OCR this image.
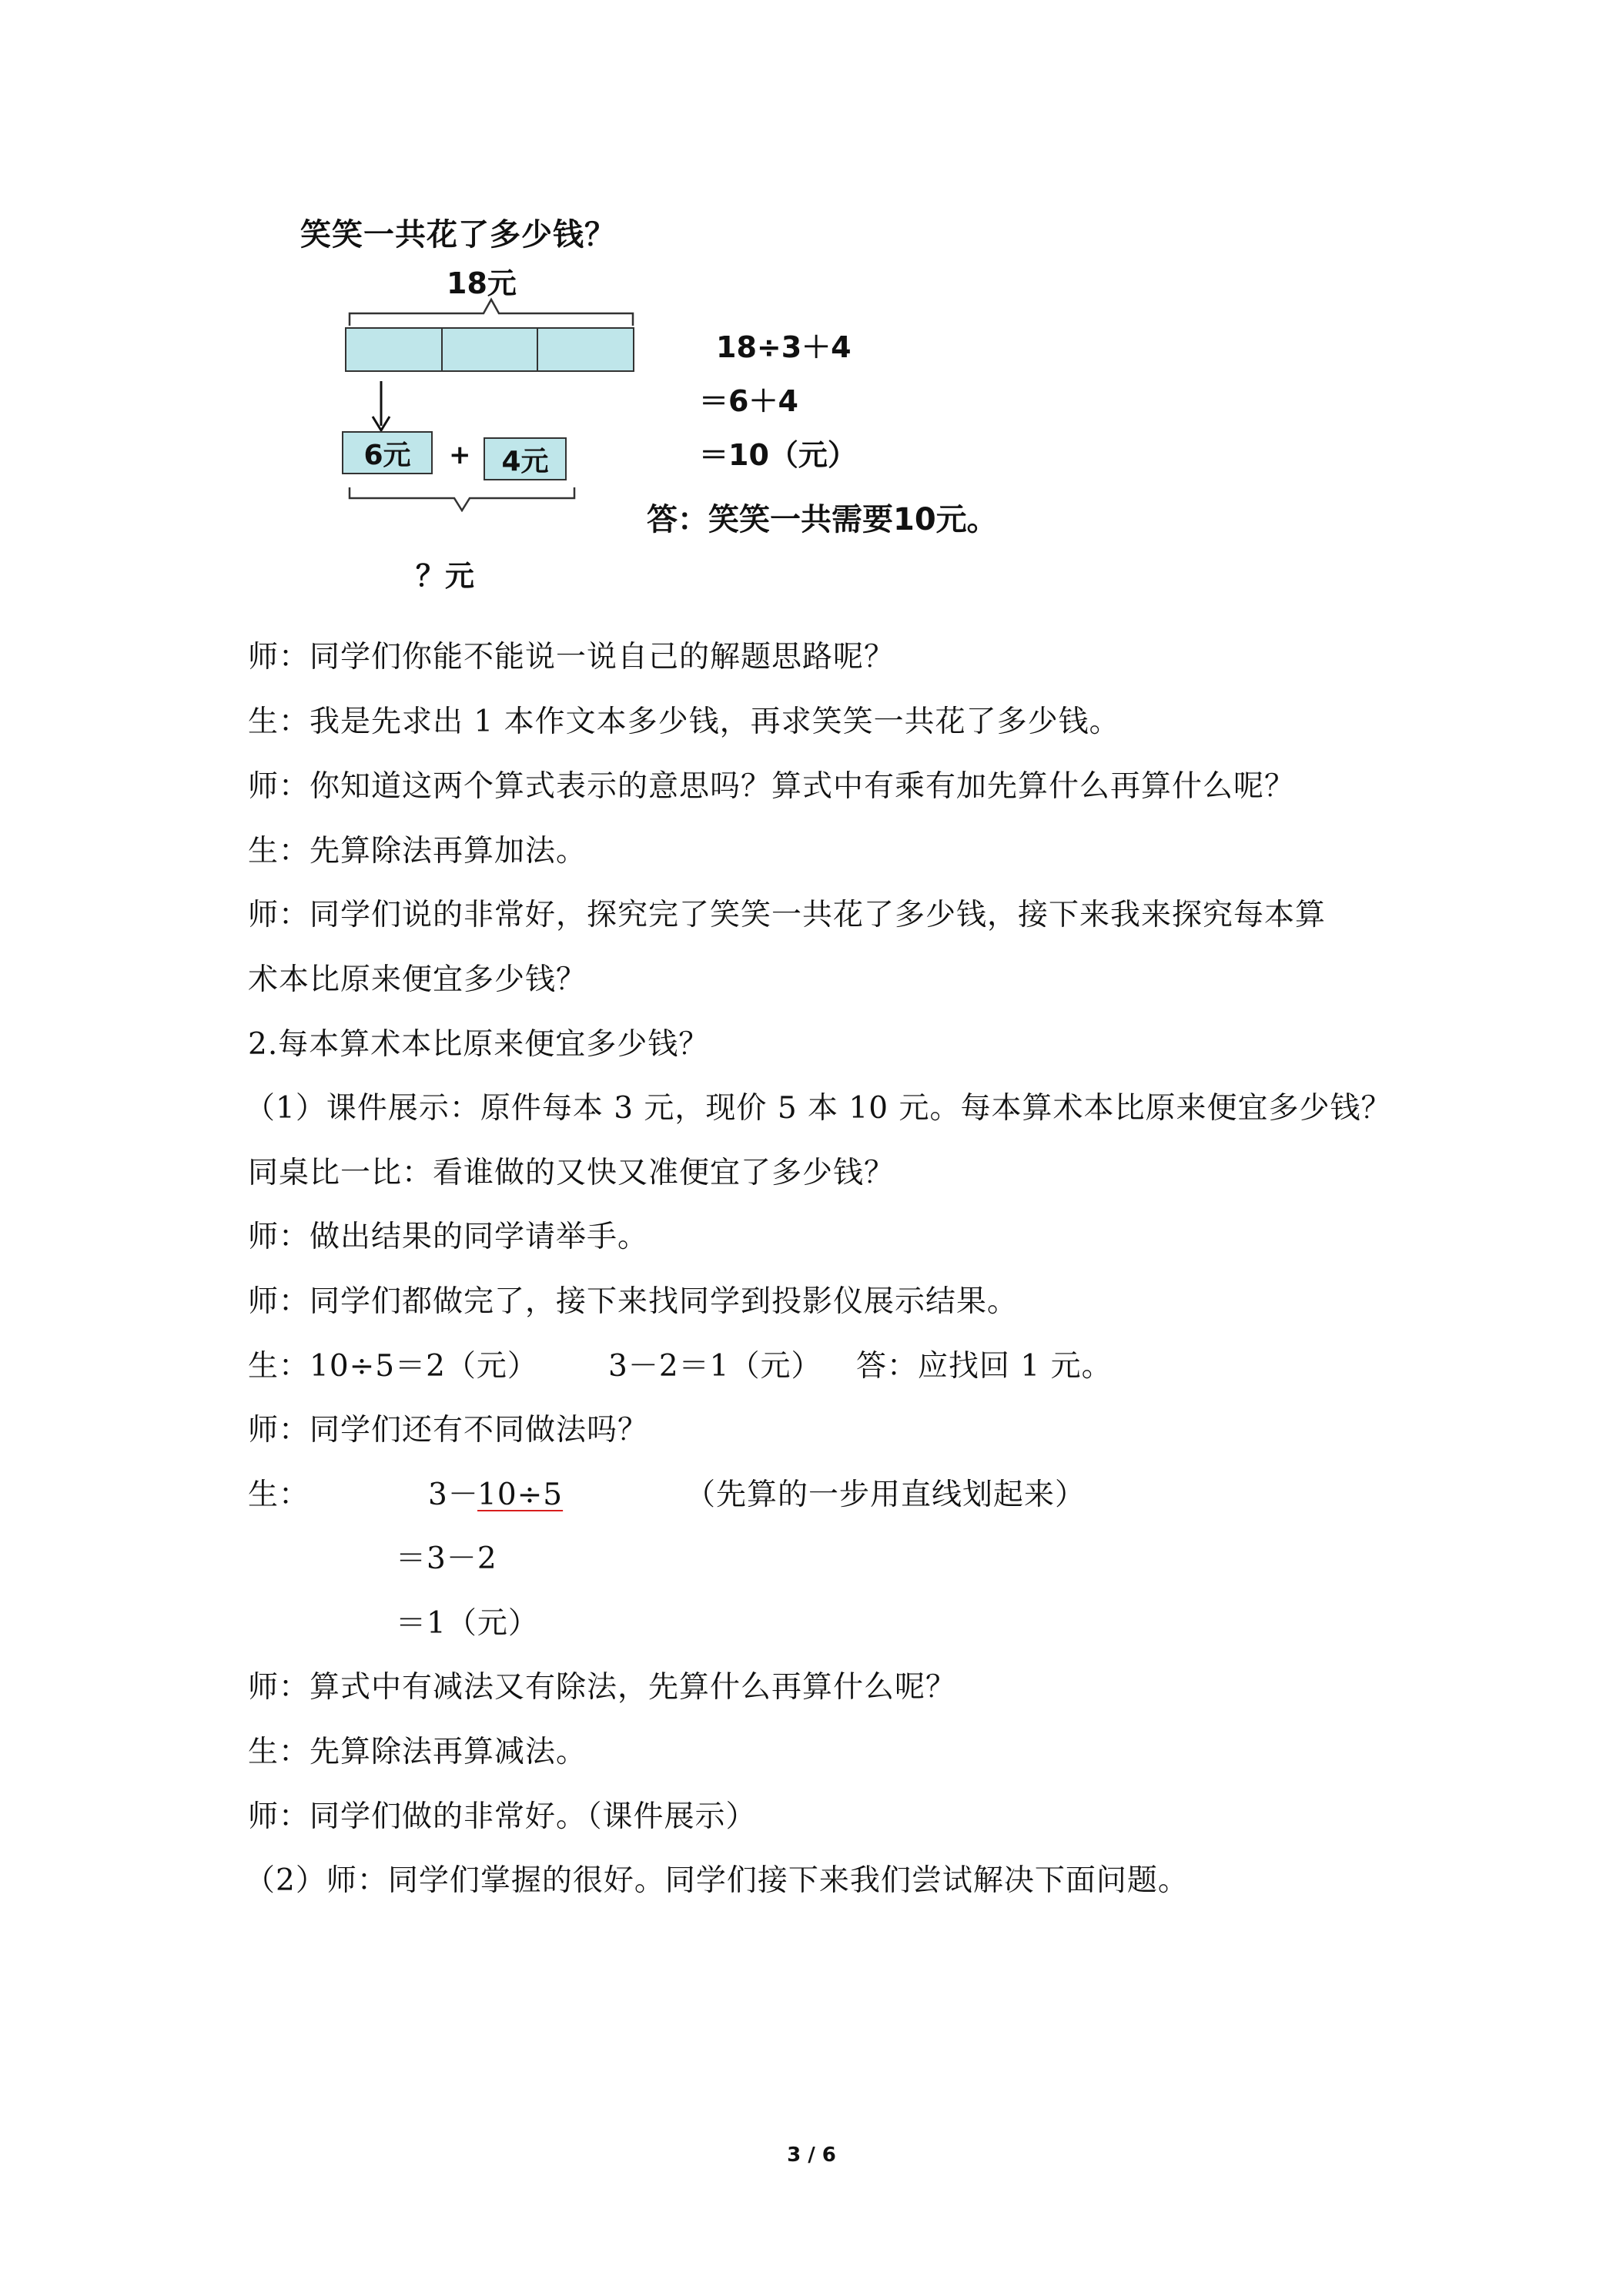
笑笑一共花了多少钱？
18元
6元	+	4元
？元
18÷3＋4
＝6＋4
＝10（元）
答：笑笑一共需要10元。
师：同学们你能不能说一说自己的解题思路呢？
生：我是先求出 1 本作文本多少钱，再求笑笑一共花了多少钱。
师：你知道这两个算式表示的意思吗？算式中有乘有加先算什么再算什么呢？
生：先算除法再算加法。
师：同学们说的非常好，探究完了笑笑一共花了多少钱，接下来我来探究每本算
术本比原来便宜多少钱？
2.每本算术本比原来便宜多少钱？
（1）课件展示：原件每本 3 元，现价 5 本 10 元。每本算术本比原来便宜多少钱？
同桌比一比：看谁做的又快又准便宜了多少钱？
师：做出结果的同学请举手。
师：同学们都做完了，接下来找同学到投影仪展示结果。
生：10÷5＝2（元） 3－2＝1（元） 答：应找回 1 元。
师：同学们还有不同做法吗？
生：	3－
10÷5	（先算的一步用直线划起来）
＝3－2
＝1（元）
师：算式中有减法又有除法，先算什么再算什么呢？
生：先算除法再算减法。
师：同学们做的非常好。（课件展示）
（2）师：同学们掌握的很好。同学们接下来我们尝试解决下面问题。
3 / 6
